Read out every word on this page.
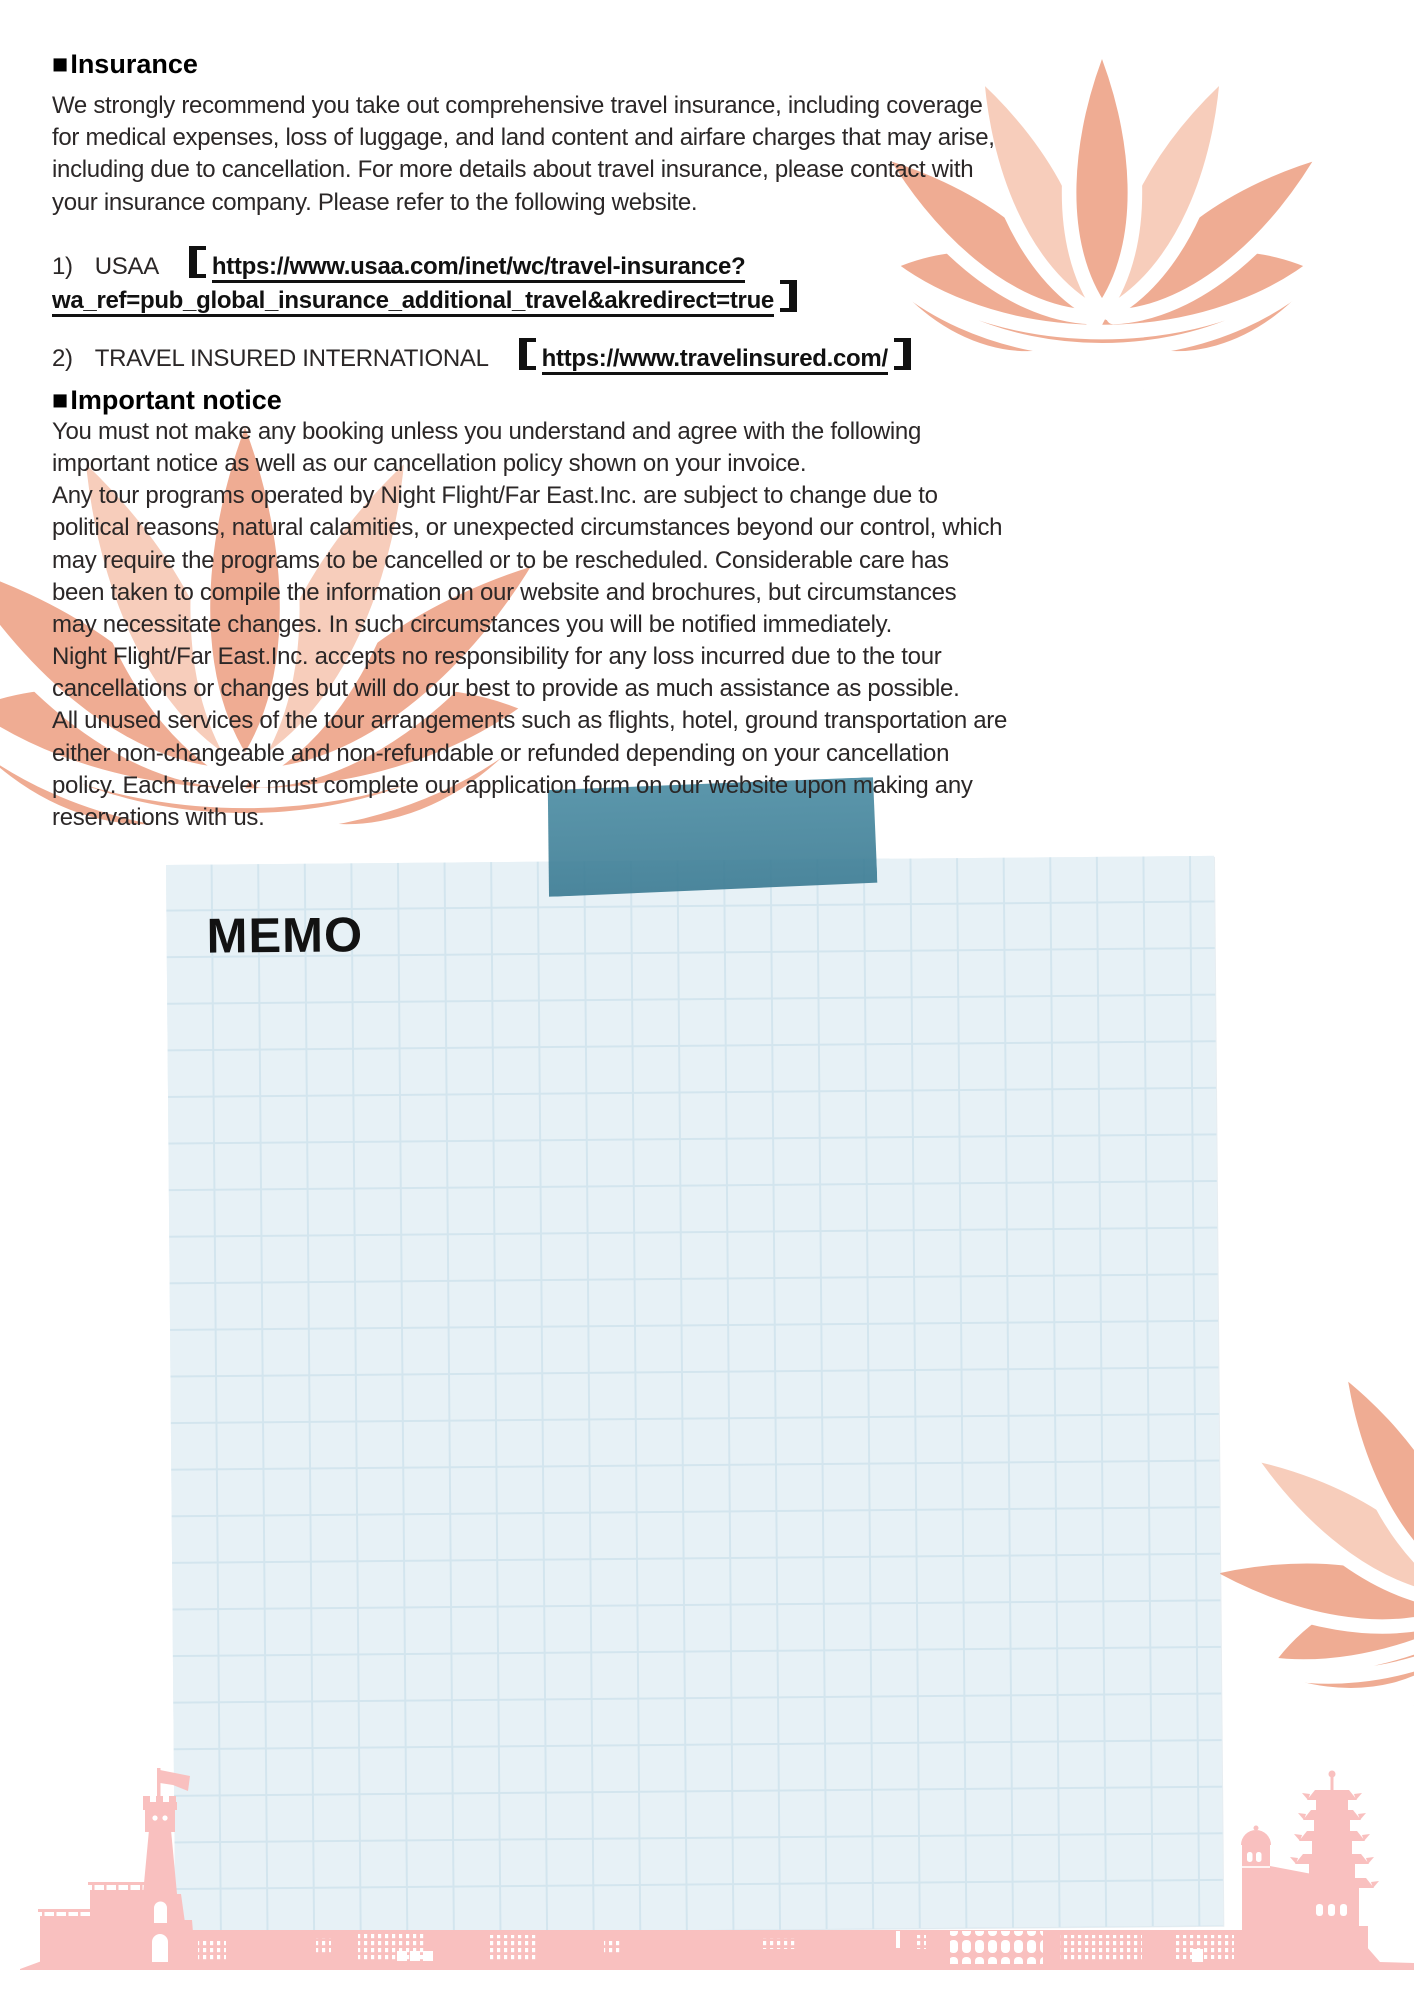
MEMO
■Insurance
We strongly recommend you take out comprehensive travel insurance, including coverage
for medical expenses, loss of luggage, and land content and airfare charges that may arise,
including due to cancellation. For more details about travel insurance, please contact with
your insurance company. Please refer to the following website.
1) USAA https://www.usaa.com/inet/wc/travel-insurance?
wa_ref=pub_global_insurance_additional_travel&akredirect=true
2) TRAVEL INSURED INTERNATIONAL https://www.travelinsured.com/
■Important notice
You must not make any booking unless you understand and agree with the following
important notice as well as our cancellation policy shown on your invoice.
Any tour programs operated by Night Flight/Far East.Inc. are subject to change due to
political reasons, natural calamities, or unexpected circumstances beyond our control, which
may require the programs to be cancelled or to be rescheduled. Considerable care has
been taken to compile the information on our website and brochures, but circumstances
may necessitate changes. In such circumstances you will be notified immediately.
Night Flight/Far East.Inc. accepts no responsibility for any loss incurred due to the tour
cancellations or changes but will do our best to provide as much assistance as possible.
All unused services of the tour arrangements such as flights, hotel, ground transportation are
either non-changeable and non-refundable or refunded depending on your cancellation
policy. Each traveler must complete our application form on our website upon making any
reservations with us.
